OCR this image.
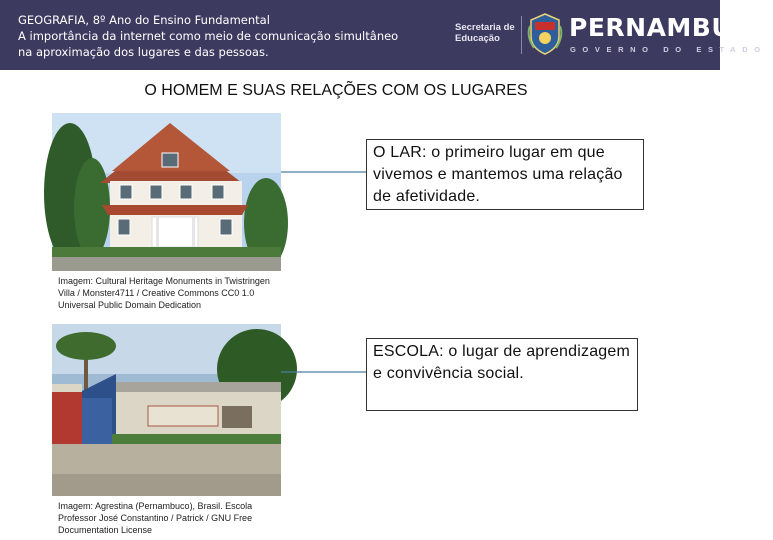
GEOGRAFIA, 8º Ano do Ensino Fundamental
A importância da internet como meio de comunicação simultâneo
na aproximação dos lugares e das pessoas.
Secretaria de
Educação	PERNAMBUCO
GOVERNO DO ESTADO
O HOMEM E SUAS RELAÇÕES COM OS LUGARES
Imagem: Cultural Heritage Monuments in Twistringen Villa / Monster4711 / Creative Commons CC0 1.0 Universal Public Domain Dedication
Imagem: Agrestina (Pernambuco), Brasil. Escola Professor José Constantino / Patrick / GNU Free Documentation License
O LAR: o primeiro lugar em que vivemos e mantemos uma relação de afetividade.
ESCOLA: o lugar de aprendizagem e convivência social.
